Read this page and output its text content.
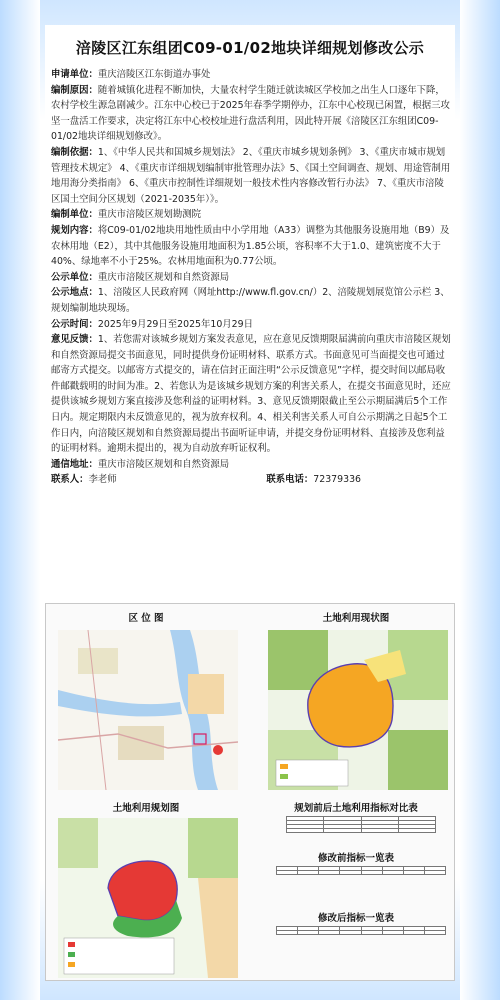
涪陵区江东组团C09-01/02地块详细规划修改公示

申请单位：重庆涪陵区江东街道办事处

编制原因：随着城镇化进程不断加快，大量农村学生随迁就读城区学校加之出生人口逐年下降，农村学校生源急剧减少。江东中心校已于2025年春季学期停办，江东中心校现已闲置，根据三攻坚一盘活工作要求，决定将江东中心校校址进行盘活利用，因此特开展《涪陵区江东组团C09-01/02地块详细规划修改》。

编制依据：1、《中华人民共和国城乡规划法》 2、《重庆市城乡规划条例》 3、《重庆市城市规划管理技术规定》 4、《重庆市详细规划编制审批管理办法》5、《国土空间调查、规划、用途管制用地用海分类指南》 6、《重庆市控制性详细规划一般技术性内容修改暂行办法》 7、《重庆市涪陵区国土空间分区规划（2021-2035年）》。

编制单位：重庆市涪陵区规划勘测院

规划内容：将C09-01/02地块用地性质由中小学用地（A33）调整为其他服务设施用地（B9）及农林用地（E2），其中其他服务设施用地面积为1.85公顷，容积率不大于1.0、建筑密度不大于40%、绿地率不小于25%。农林用地面积为0.77公顷。

公示单位：重庆市涪陵区规划和自然资源局

公示地点：1、涪陵区人民政府网（网址http://www.fl.gov.cn/）2、涪陵规划展览馆公示栏 3、规划编制地块现场。

公示时间：2025年9月29日至2025年10月29日

意见反馈：1、若您需对该城乡规划方案发表意见，应在意见反馈期限届满前向重庆市涪陵区规划和自然资源局提交书面意见，同时提供身份证明材料、联系方式。书面意见可当面提交也可通过邮寄方式提交。以邮寄方式提交的，请在信封正面注明“公示反馈意见”字样，提交时间以邮局收件邮戳载明的时间为准。2、若您认为是该城乡规划方案的利害关系人，在提交书面意见时，还应提供该城乡规划方案直接涉及您利益的证明材料。3、意见反馈期限截止至公示期届满后5个工作日内。规定期限内未反馈意见的，视为放弃权利。4、相关利害关系人可自公示期满之日起5个工作日内，向涪陵区规划和自然资源局提出书面听证申请，并提交身份证明材料、直接涉及您利益的证明材料。逾期未提出的，视为自动放弃听证权利。

通信地址：重庆市涪陵区规划和自然资源局

联系人：李老师	联系电话：72379336
区 位 图	土地利用现状图
土地利用规划图	规划前后土地利用指标对比表
修改前指标一览表
修改后指标一览表
